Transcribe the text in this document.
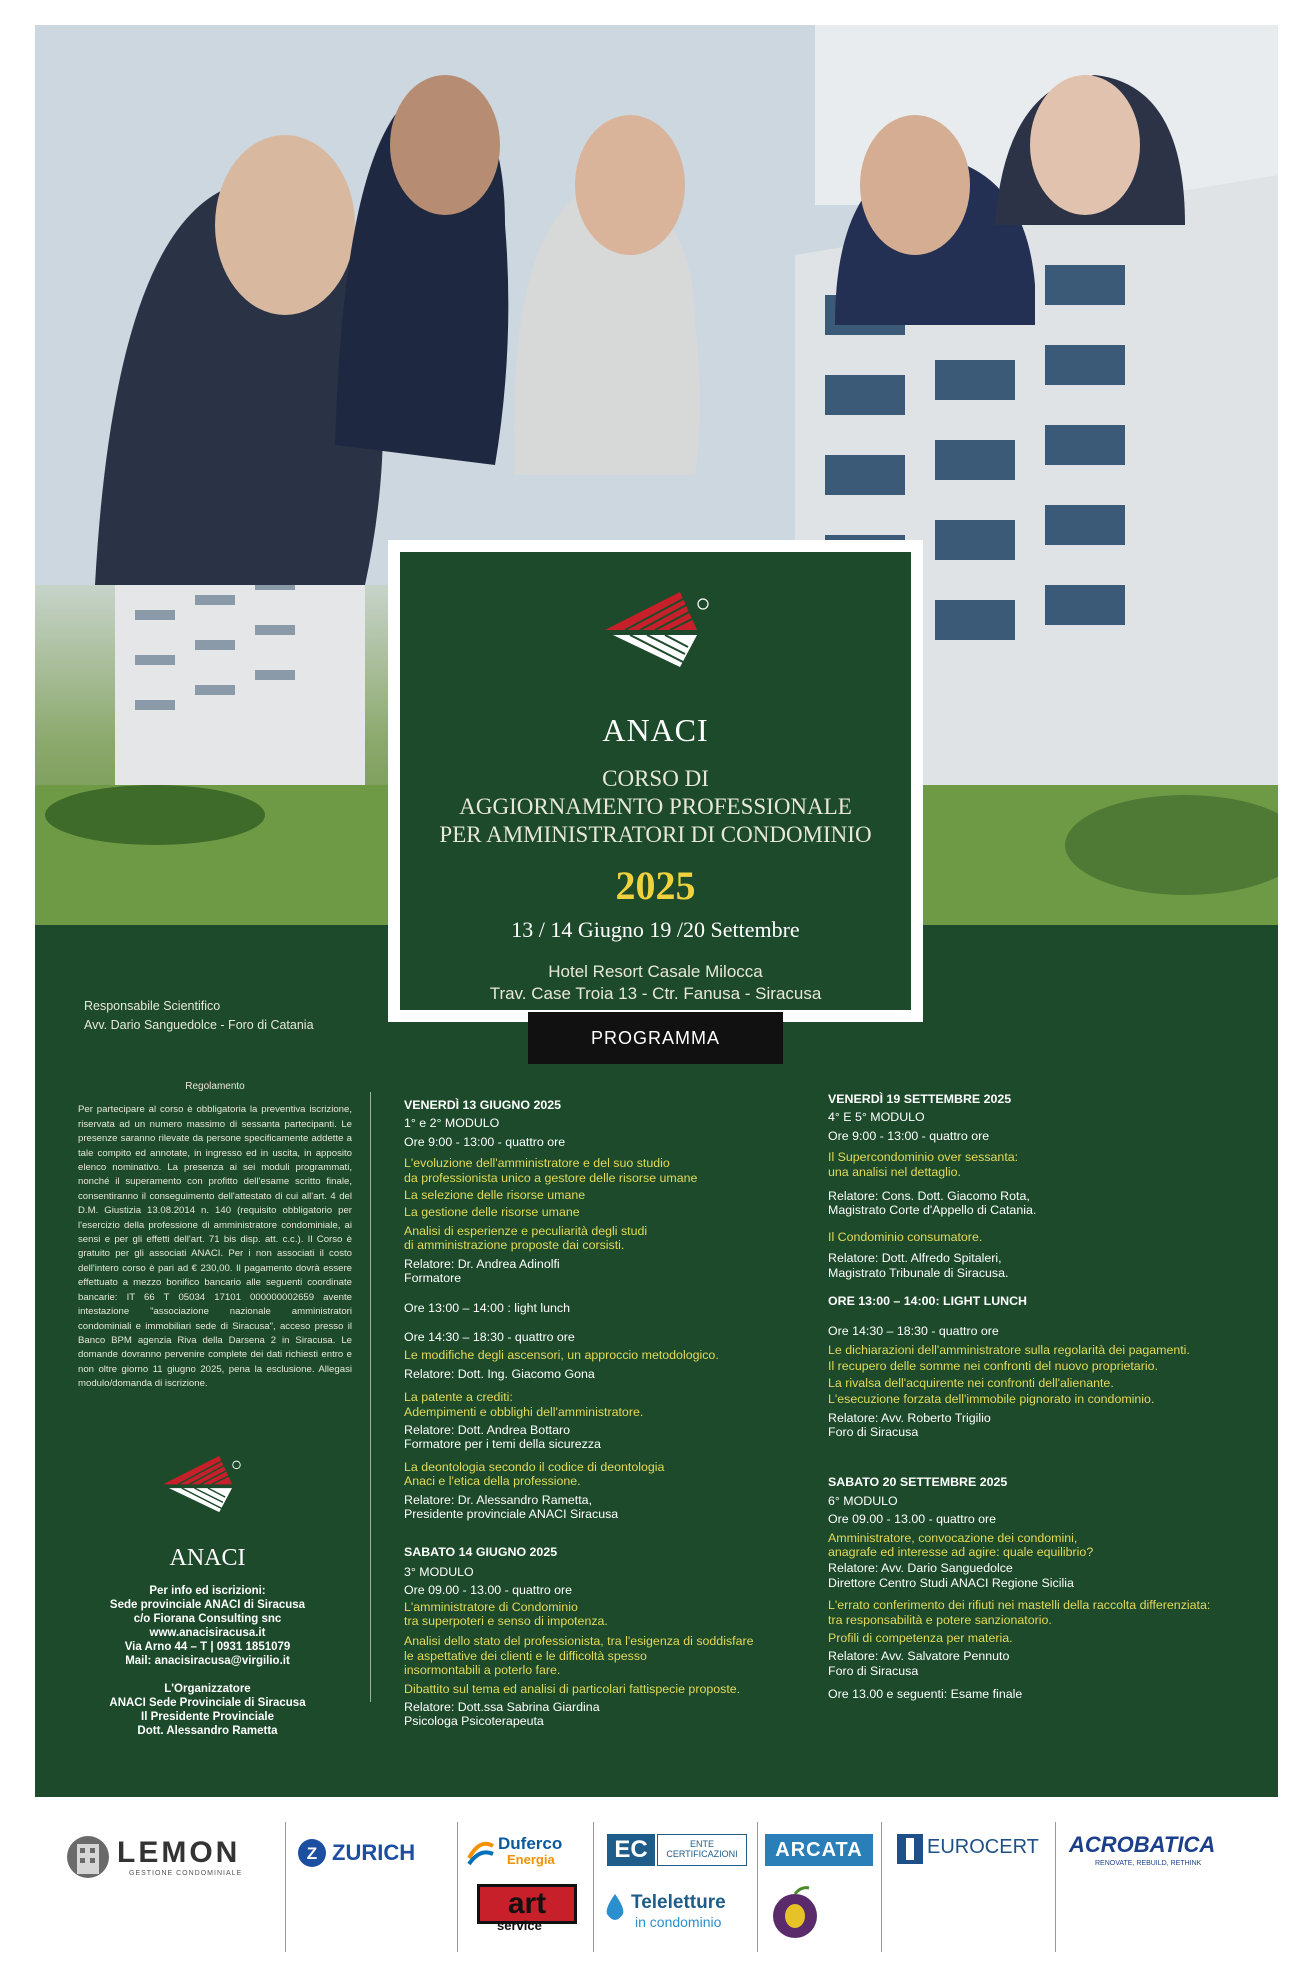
ANACI
CORSO DI
AGGIORNAMENTO PROFESSIONALE
PER AMMINISTRATORI DI CONDOMINIO
2025
13 / 14 Giugno 19 /20 Settembre
Hotel Resort Casale Milocca
Trav. Case Troia 13 - Ctr. Fanusa - Siracusa
PROGRAMMA
Responsabile Scientifico
Avv. Dario Sanguedolce - Foro di Catania
Regolamento
Per partecipare al corso è obbligatoria la preventiva iscrizione, riservata ad un numero massimo di sessanta partecipanti. Le presenze saranno rilevate da persone specificamente addette a tale compito ed annotate, in ingresso ed in uscita, in apposito elenco nominativo. La presenza ai sei moduli programmati, nonché il superamento con profitto dell'esame scritto finale, consentiranno il conseguimento dell'attestato di cui all'art. 4 del D.M. Giustizia 13.08.2014 n. 140 (requisito obbligatorio per l'esercizio della professione di amministratore condominiale, ai sensi e per gli effetti dell'art. 71 bis disp. att. c.c.). Il Corso è gratuito per gli associati ANACI. Per i non associati il costo dell'intero corso è pari ad € 230,00. Il pagamento dovrà essere effettuato a mezzo bonifico bancario alle seguenti coordinate bancarie: IT 66 T 05034 17101 000000002659 avente intestazione "associazione nazionale amministratori condominiali e immobiliari sede di Siracusa", acceso presso il Banco BPM agenzia Riva della Darsena 2 in Siracusa. Le domande dovranno pervenire complete dei dati richiesti entro e non oltre giorno 11 giugno 2025, pena la esclusione. Allegasi modulo/domanda di iscrizione.
ANACI
Per info ed iscrizioni:
Sede provinciale ANACI di Siracusa
c/o Fiorana Consulting snc
www.anacisiracusa.it
Via Arno 44 – T | 0931 1851079
Mail: anacisiracusa@virgilio.it
L'Organizzatore
ANACI Sede Provinciale di Siracusa
Il Presidente Provinciale
Dott. Alessandro Rametta
VENERDÌ 13 GIUGNO 2025
1° e 2° MODULO
Ore 9:00 - 13:00 - quattro ore
L'evoluzione dell'amministratore e del suo studio
da professionista unico a gestore delle risorse umane
La selezione delle risorse umane
La gestione delle risorse umane
Analisi di esperienze e peculiarità degli studi
di amministrazione proposte dai corsisti.
Relatore: Dr. Andrea Adinolfi
Formatore
Ore 13:00 – 14:00 : light lunch
Ore 14:30 – 18:30 - quattro ore
Le modifiche degli ascensori, un approccio metodologico.
Relatore: Dott. Ing. Giacomo Gona
La patente a crediti:
Adempimenti e obblighi dell'amministratore.
Relatore: Dott. Andrea Bottaro
Formatore per i temi della sicurezza
La deontologia secondo il codice di deontologia
Anaci e l'etica della professione.
Relatore: Dr. Alessandro Rametta,
Presidente provinciale ANACI Siracusa
SABATO 14 GIUGNO 2025
3° MODULO
Ore 09.00 - 13.00 - quattro ore
L'amministratore di Condominio
tra superpoteri e senso di impotenza.
Analisi dello stato del professionista, tra l'esigenza di soddisfare
le aspettative dei clienti e le difficoltà spesso
insormontabili a poterlo fare.
Dibattito sul tema ed analisi di particolari fattispecie proposte.
Relatore: Dott.ssa Sabrina Giardina
Psicologa Psicoterapeuta
VENERDÌ 19 SETTEMBRE 2025
4° E 5° MODULO
Ore 9:00 - 13:00 - quattro ore
Il Supercondominio over sessanta:
una analisi nel dettaglio.
Relatore: Cons. Dott. Giacomo Rota,
Magistrato Corte d'Appello di Catania.
Il Condominio consumatore.
Relatore: Dott. Alfredo Spitaleri,
Magistrato Tribunale di Siracusa.
ORE 13:00 – 14:00: LIGHT LUNCH
Ore 14:30 – 18:30 - quattro ore
Le dichiarazioni dell'amministratore sulla regolarità dei pagamenti.
Il recupero delle somme nei confronti del nuovo proprietario.
La rivalsa dell'acquirente nei confronti dell'alienante.
L'esecuzione forzata dell'immobile pignorato in condominio.
Relatore: Avv. Roberto Trigilio
Foro di Siracusa
SABATO 20 SETTEMBRE 2025
6° MODULO
Ore 09.00 - 13.00 - quattro ore
Amministratore, convocazione dei condomini,
anagrafe ed interesse ad agire: quale equilibrio?
Relatore: Avv. Dario Sanguedolce
Direttore Centro Studi ANACI Regione Sicilia
L'errato conferimento dei rifiuti nei mastelli della raccolta differenziata:
tra responsabilità e potere sanzionatorio.
Profili di competenza per materia.
Relatore: Avv. Salvatore Pennuto
Foro di Siracusa
Ore 13.00 e seguenti: Esame finale
LEMON
GESTIONE CONDOMINIALE
Z ZURICH	Duferco
Energia
art
service
EC	ENTE
CERTIFICAZIONI
Teleletture
in condominio
ARCATA	EUROCERT ACROBATICA
RENOVATE, REBUILD, RETHINK
